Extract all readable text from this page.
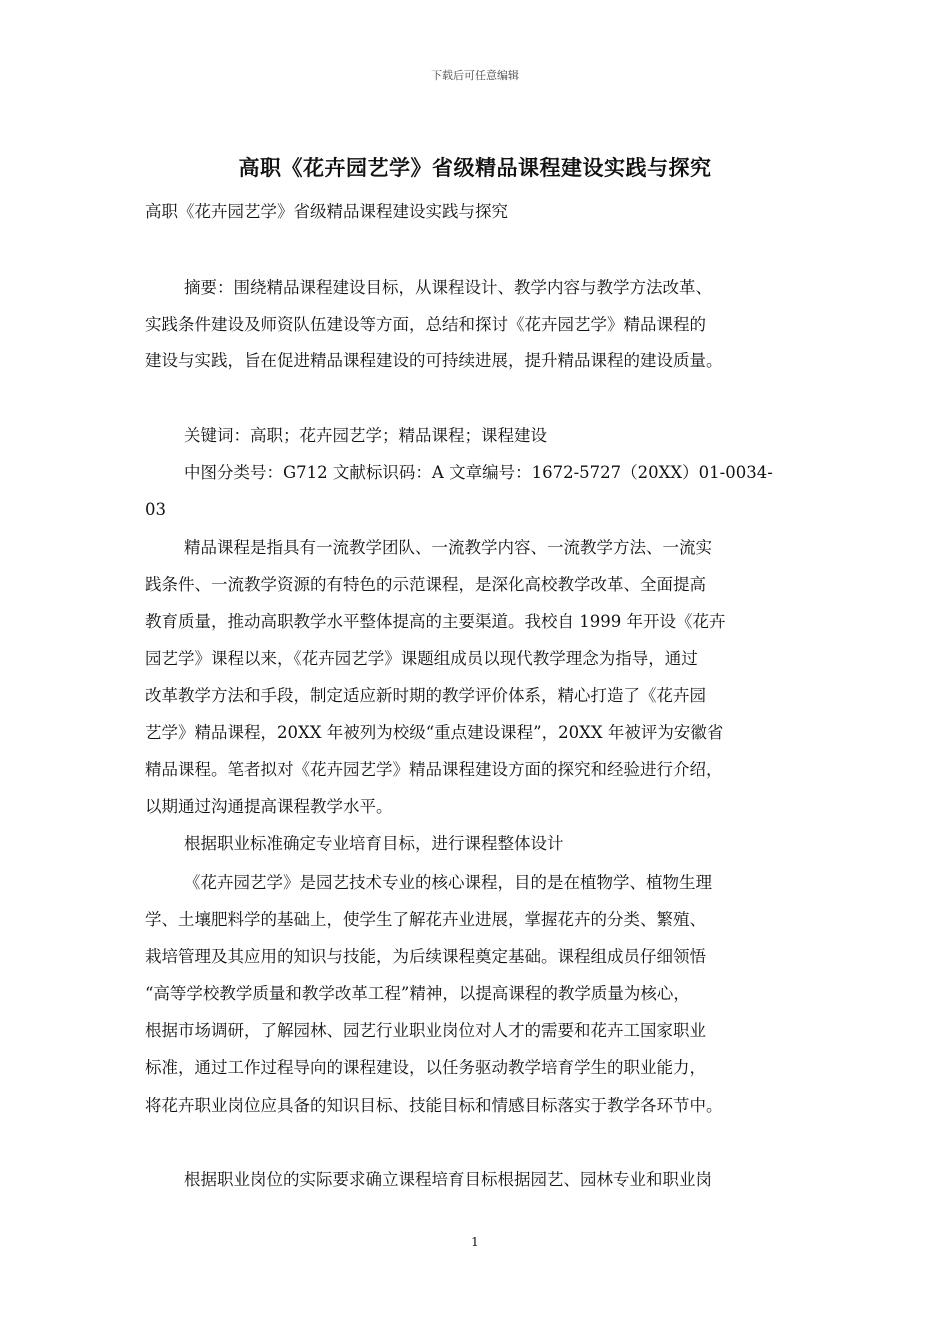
下载后可任意编辑
高职《花卉园艺学》省级精品课程建设实践与探究
高职《花卉园艺学》省级精品课程建设实践与探究
摘要：围绕精品课程建设目标，从课程设计、教学内容与教学方法改革、
实践条件建设及师资队伍建设等方面，总结和探讨《花卉园艺学》精品课程的
建设与实践，旨在促进精品课程建设的可持续进展，提升精品课程的建设质量。
关键词：高职；花卉园艺学；精品课程；课程建设
中图分类号：G712 文献标识码：A 文章编号：1672-5727（20XX）01-0034-
03
精品课程是指具有一流教学团队、一流教学内容、一流教学方法、一流实
践条件、一流教学资源的有特色的示范课程，是深化高校教学改革、全面提高
教育质量，推动高职教学水平整体提高的主要渠道。我校自 1999 年开设《花卉
园艺学》课程以来，《花卉园艺学》课题组成员以现代教学理念为指导，通过
改革教学方法和手段，制定适应新时期的教学评价体系，精心打造了《花卉园
艺学》精品课程，20XX 年被列为校级“重点建设课程”，20XX 年被评为安徽省
精品课程。笔者拟对《花卉园艺学》精品课程建设方面的探究和经验进行介绍，
以期通过沟通提高课程教学水平。
根据职业标准确定专业培育目标，进行课程整体设计
《花卉园艺学》是园艺技术专业的核心课程，目的是在植物学、植物生理
学、土壤肥料学的基础上，使学生了解花卉业进展，掌握花卉的分类、繁殖、
栽培管理及其应用的知识与技能，为后续课程奠定基础。课程组成员仔细领悟
“高等学校教学质量和教学改革工程”精神，以提高课程的教学质量为核心，
根据市场调研，了解园林、园艺行业职业岗位对人才的需要和花卉工国家职业
标准，通过工作过程导向的课程建设，以任务驱动教学培育学生的职业能力，
将花卉职业岗位应具备的知识目标、技能目标和情感目标落实于教学各环节中。
根据职业岗位的实际要求确立课程培育目标根据园艺、园林专业和职业岗
1
